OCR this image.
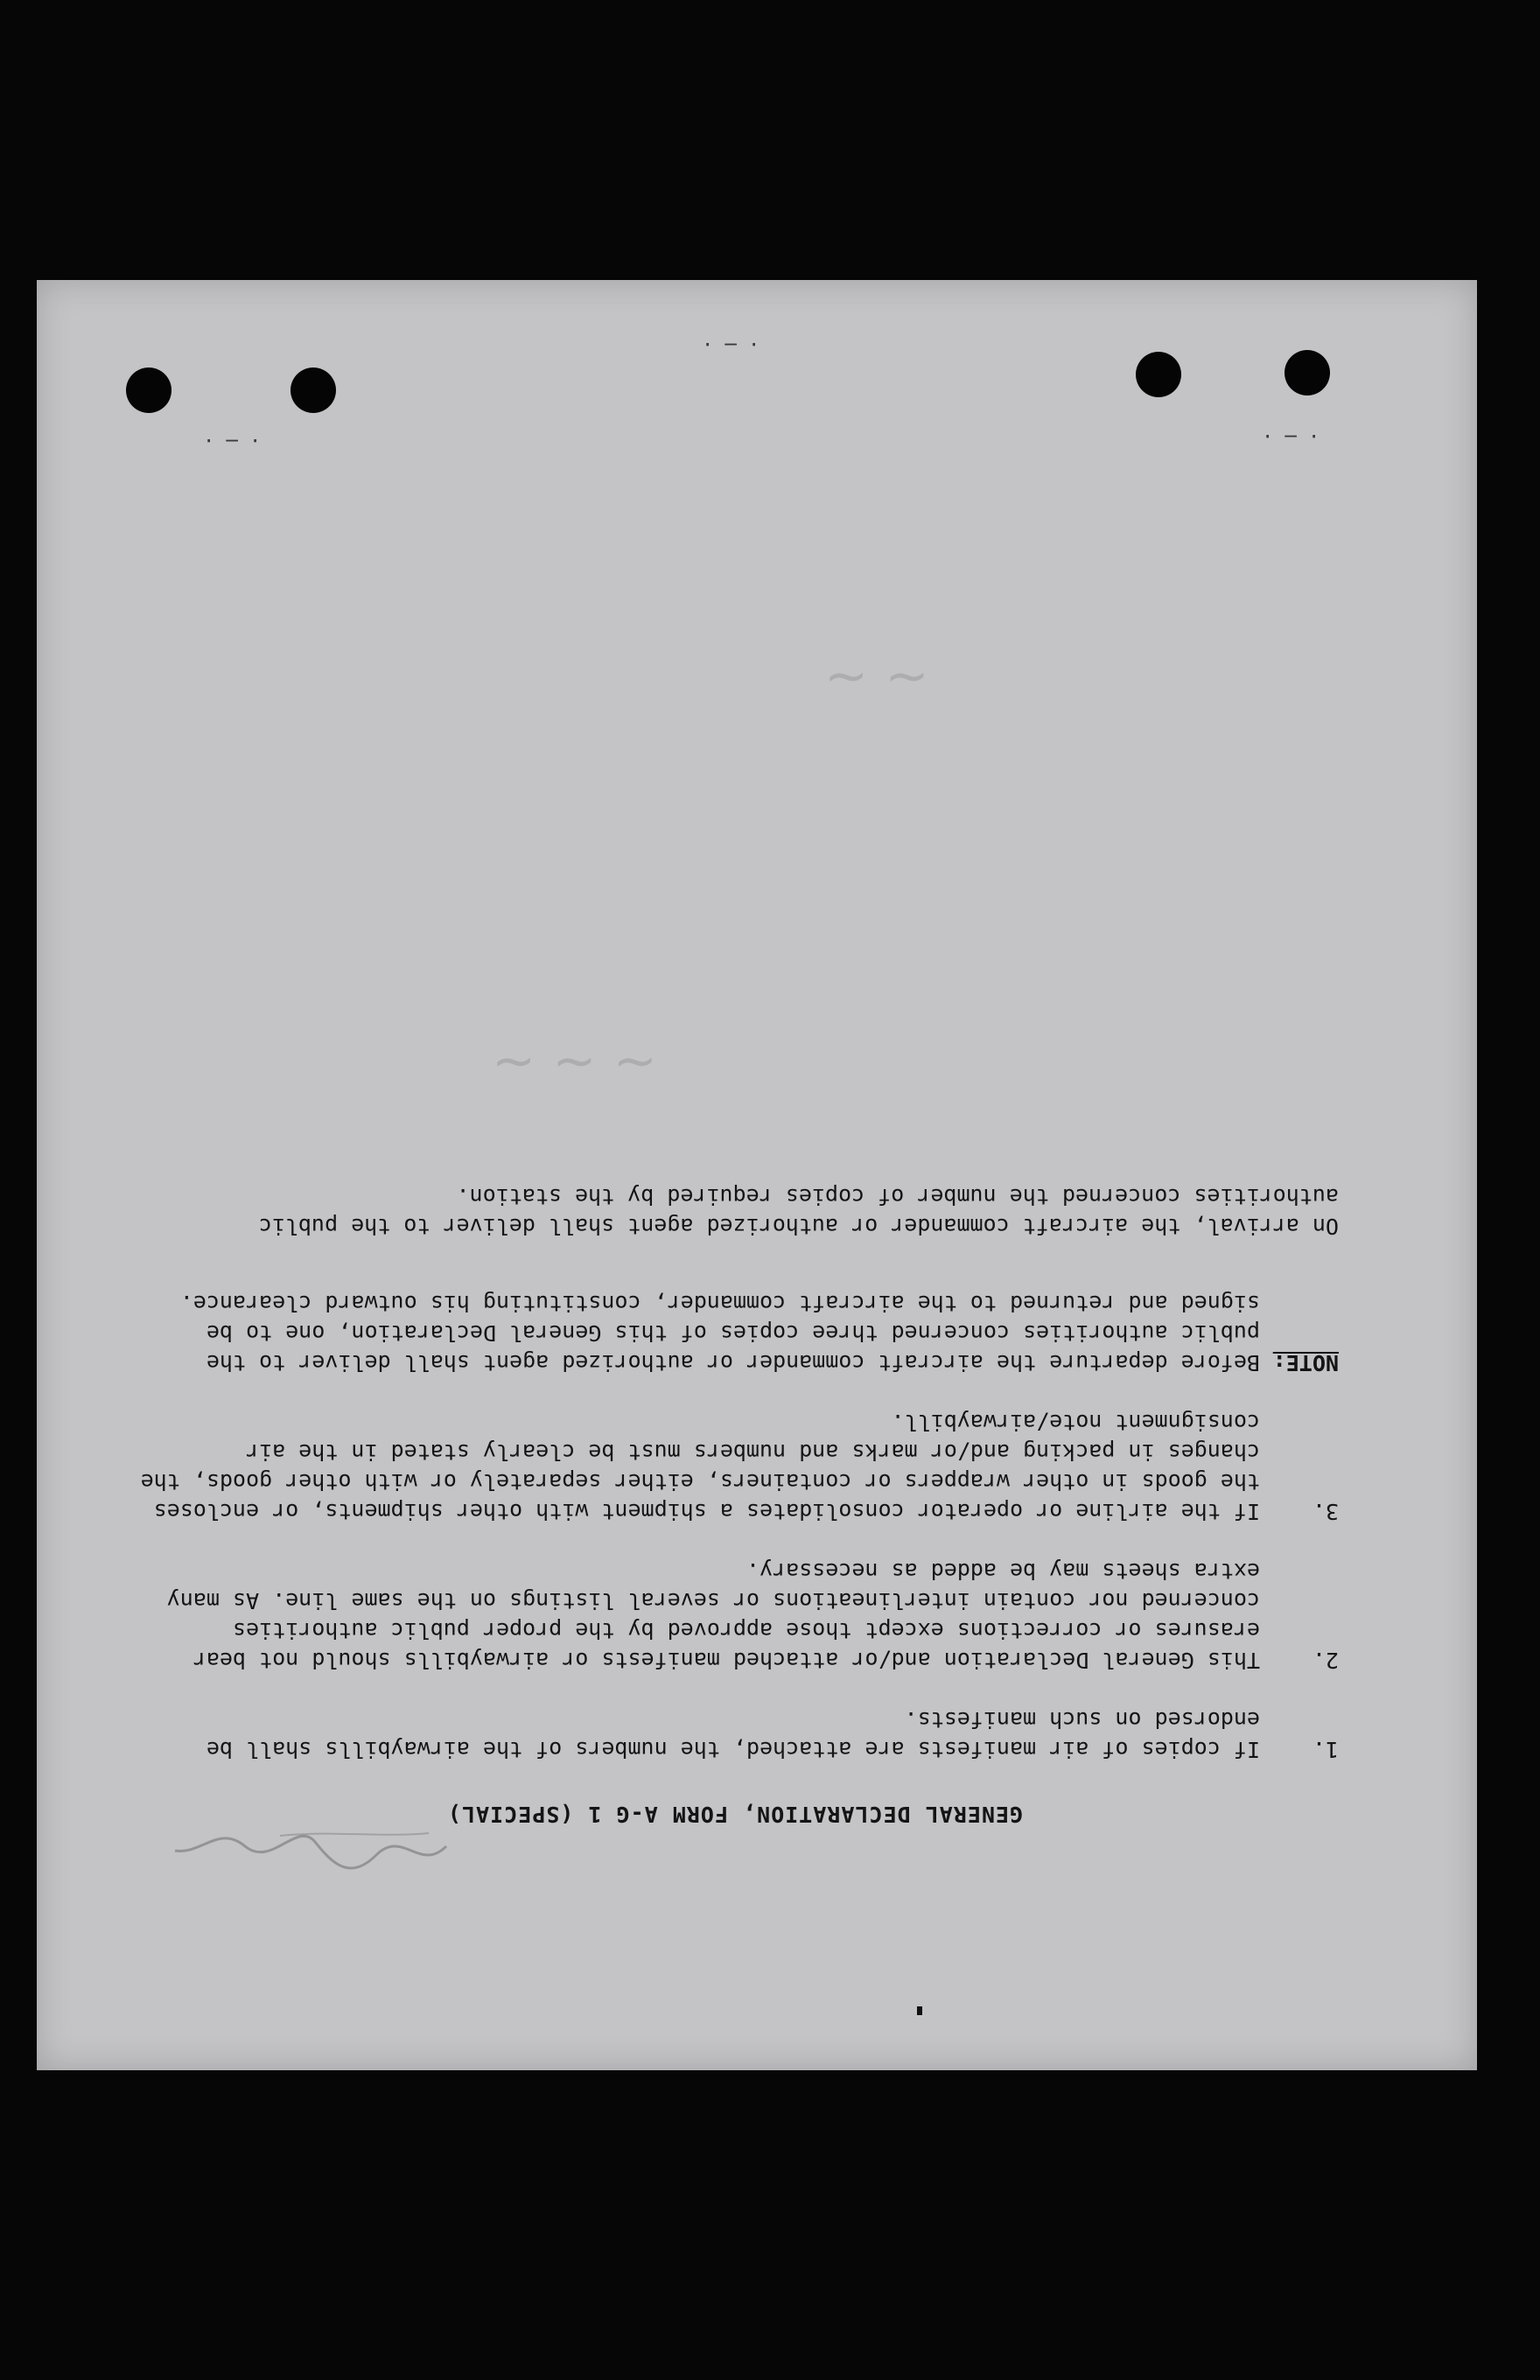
· ─ ·
· ─ ·
· ─ ·
~ ~
~ ~ ~
GENERAL DECLARATION, FORM A-G 1 (SPECIAL)
1.
If copies of air manifests are attached, the numbers of the airwaybills shall be endorsed on such manifests.
2.
This General Declaration and/or attached manifests or airwaybills should not bear erasures or corrections except those approved by the proper public authorities concerned nor contain interlineations or several listings on the same line. As many extra sheets may be added as necessary.
3.
If the airline or operator consolidates a shipment with other shipments, or encloses the goods in other wrappers or containers, either separately or with other goods, the changes in packing and/or marks and numbers must be clearly stated in the air consignment note/airwaybill.
NOTE:
Before departure the aircraft commander or authorized agent shall deliver to the public authorities concerned three copies of this General Declaration, one to be signed and returned to the aircraft commander, constituting his outward clearance.
On arrival, the aircraft commander or authorized agent shall deliver to the public authorities concerned the number of copies required by the station.
